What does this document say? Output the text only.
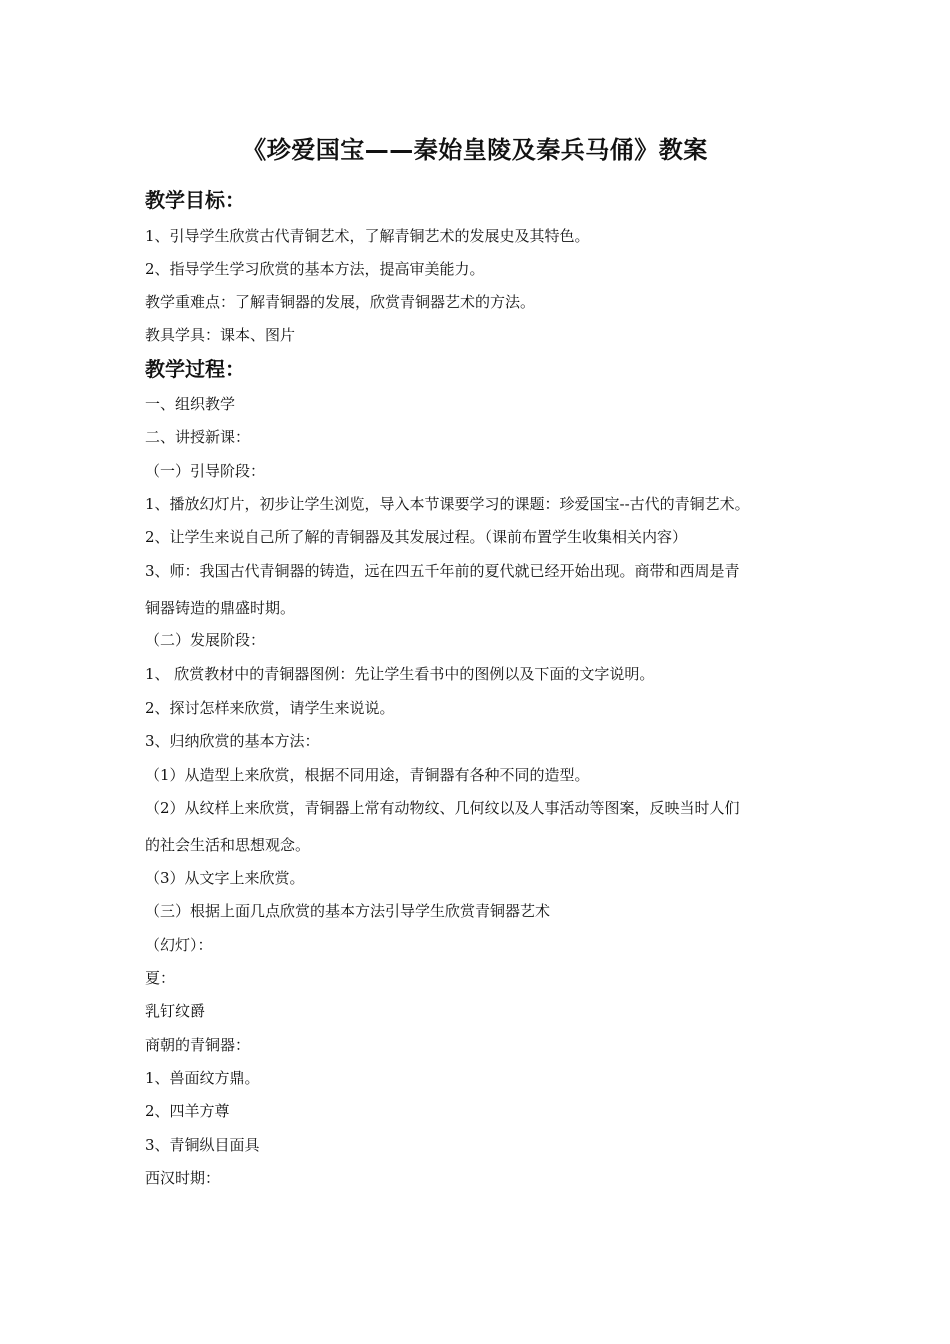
《珍爱国宝——秦始皇陵及秦兵马俑》教案
教学目标：
1、引导学生欣赏古代青铜艺术，了解青铜艺术的发展史及其特色。
2、指导学生学习欣赏的基本方法，提高审美能力。
教学重难点：了解青铜器的发展，欣赏青铜器艺术的方法。
教具学具：课本、图片
教学过程：
一、组织教学
二、讲授新课：
（一）引导阶段：
1、播放幻灯片，初步让学生浏览，导入本节课要学习的课题：珍爱国宝--古代的青铜艺术。
2、让学生来说自己所了解的青铜器及其发展过程。（课前布置学生收集相关内容）
3、师：我国古代青铜器的铸造，远在四五千年前的夏代就已经开始出现。商带和西周是青
铜器铸造的鼎盛时期。
（二）发展阶段：
1、 欣赏教材中的青铜器图例：先让学生看书中的图例以及下面的文字说明。
2、探讨怎样来欣赏，请学生来说说。
3、归纳欣赏的基本方法：
（1）从造型上来欣赏，根据不同用途，青铜器有各种不同的造型。
（2）从纹样上来欣赏，青铜器上常有动物纹、几何纹以及人事活动等图案，反映当时人们
的社会生活和思想观念。
（3）从文字上来欣赏。
（三）根据上面几点欣赏的基本方法引导学生欣赏青铜器艺术
（幻灯）：
夏：
乳钉纹爵
商朝的青铜器：
1、兽面纹方鼎。
2、四羊方尊
3、青铜纵目面具
西汉时期：
